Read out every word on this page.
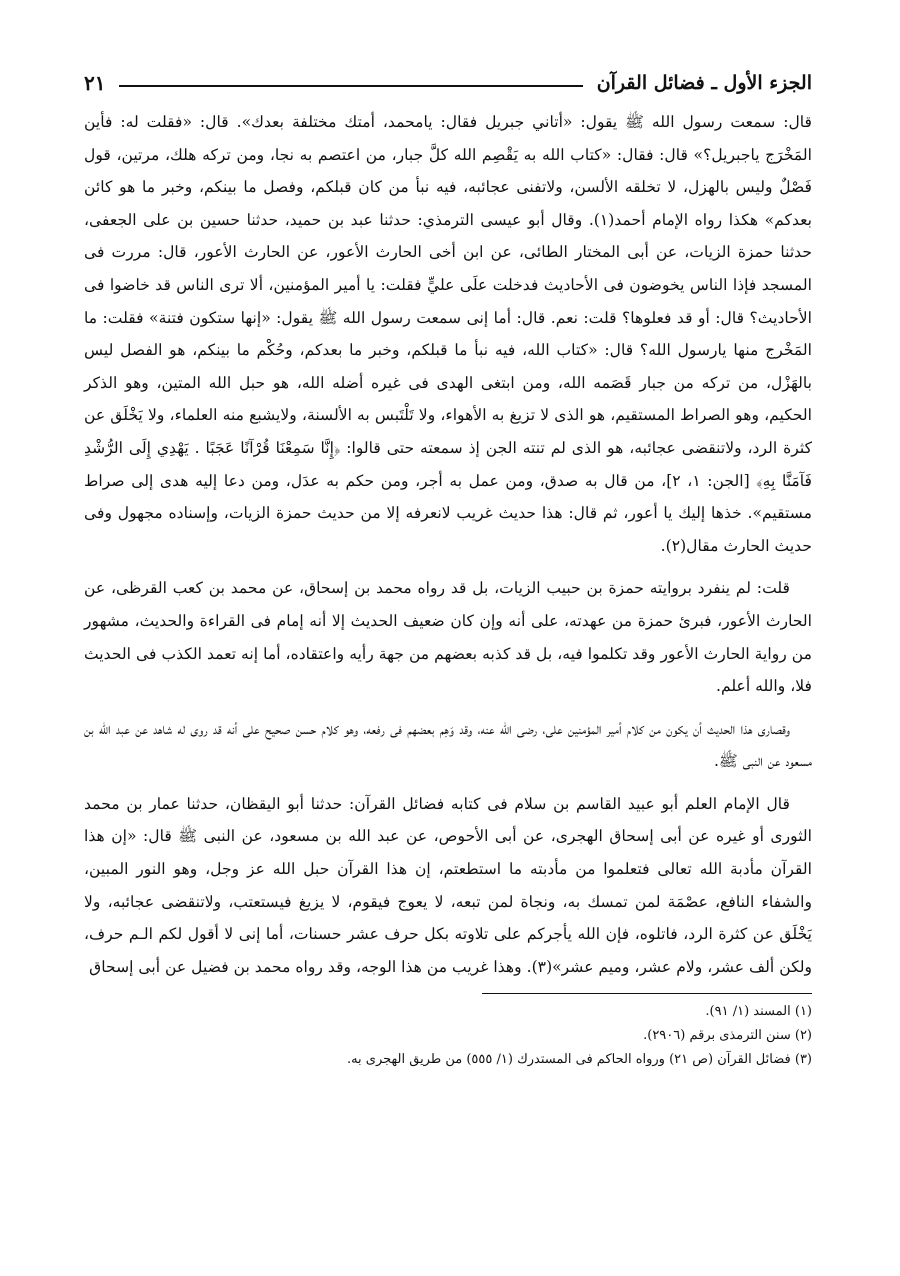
الجزء الأول ـ فضائل القرآن
٢١

قال: سمعت رسول الله ﷺ يقول: «أتاني جبريل فقال: يامحمد، أمتك مختلفة بعدك». قال: «فقلت له: فأين المَخْرَج ياجبريل؟» قال: فقال: «كتاب الله به يَقْصِم الله كلَّ جبار، من اعتصم به نجا، ومن تركه هلك، مرتين، قول فَصْلٌ وليس بالهزل، لا تخلقه الألسن، ولاتفنى عجائبه، فيه نبأ من كان قبلكم، وفصل ما بينكم، وخبر ما هو كائن بعدكم» هكذا رواه الإمام أحمد(١). وقال أبو عيسى الترمذي: حدثنا عبد بن حميد، حدثنا حسين بن على الجعفى، حدثنا حمزة الزيات، عن أبى المختار الطائى، عن ابن أخى الحارث الأعور، عن الحارث الأعور، قال: مررت فى المسجد فإذا الناس يخوضون فى الأحاديث فدخلت علَى عليٍّ فقلت: يا أمير المؤمنين، ألا ترى الناس قد خاضوا فى الأحاديث؟ قال: أو قد فعلوها؟ قلت: نعم. قال: أما إنى سمعت رسول الله ﷺ يقول: «إنها ستكون فتنة» فقلت: ما المَخْرج منها يارسول الله؟ قال: «كتاب الله، فيه نبأ ما قبلكم، وخبر ما بعدكم، وحُكْم ما بينكم، هو الفصل ليس بالهَزْل، من تركه من جبار قَصَمه الله، ومن ابتغى الهدى فى غيره أضله الله، هو حبل الله المتين، وهو الذكر الحكيم، وهو الصراط المستقيم، هو الذى لا تزيغ به الأهواء، ولا تَلْتَبس به الألسنة، ولايشبع منه العلماء، ولا يَخْلَق عن كثرة الرد، ولاتنقضى عجائبه، هو الذى لم تنته الجن إذ سمعته حتى قالوا: ﴿إِنَّا سَمِعْنَا قُرْآنًا عَجَبًا . يَهْدِي إِلَى الرُّشْدِ فَآمَنَّا بِهِ﴾ [الجن: ١، ٢]، من قال به صدق، ومن عمل به أجر، ومن حكم به عدَل، ومن دعا إليه هدى إلى صراط مستقيم». خذها إليك يا أعور، ثم قال: هذا حديث غريب لانعرفه إلا من حديث حمزة الزيات، وإسناده مجهول وفى حديث الحارث مقال(٢).

قلت: لم ينفرد بروايته حمزة بن حبيب الزيات، بل قد رواه محمد بن إسحاق، عن محمد بن كعب القرظى، عن الحارث الأعور، فبرئ حمزة من عهدته، على أنه وإن كان ضعيف الحديث إلا أنه إمام فى القراءة والحديث، مشهور من رواية الحارث الأعور وقد تكلموا فيه، بل قد كذبه بعضهم من جهة رأيه واعتقاده، أما إنه تعمد الكذب فى الحديث فلا، والله أعلم.

وقصارى هذا الحديث أن يكون من كلام أمير المؤمنين على، رضى الله عنه، وقد وَهِم بعضهم فى رفعه، وهو كلام حسن صحيح على أنه قد روى له شاهد عن عبد الله بن مسعود عن النبى ﷺ.

قال الإمام العلم أبو عبيد القاسم بن سلام فى كتابه فضائل القرآن: حدثنا أبو اليقظان، حدثنا عمار بن محمد الثورى أو غيره عن أبى إسحاق الهجرى، عن أبى الأحوص، عن عبد الله بن مسعود، عن النبى ﷺ قال: «إن هذا القرآن مأدبة الله تعالى فتعلموا من مأدبته ما استطعتم، إن هذا القرآن حبل الله عز وجل، وهو النور المبين، والشفاء النافع، عصْمَة لمن تمسك به، ونجاة لمن تبعه، لا يعوج فيقوم، لا يزيغ فيستعتب، ولاتنقضى عجائبه، ولا يَخْلَق عن كثرة الرد، فاتلوه، فإن الله يأجركم على تلاوته بكل حرف عشر حسنات، أما إنى لا أقول لكم الـم حرف، ولكن ألف عشر، ولام عشر، وميم عشر»(٣). وهذا غريب من هذا الوجه، وقد رواه محمد بن فضيل عن أبى إسحاق

(١) المسند (١/ ٩١).

(٢) سنن الترمذى برقم (٢٩٠٦).

(٣) فضائل القرآن (ص ٢١) ورواه الحاكم فى المستدرك (١/ ٥٥٥) من طريق الهجرى به.
